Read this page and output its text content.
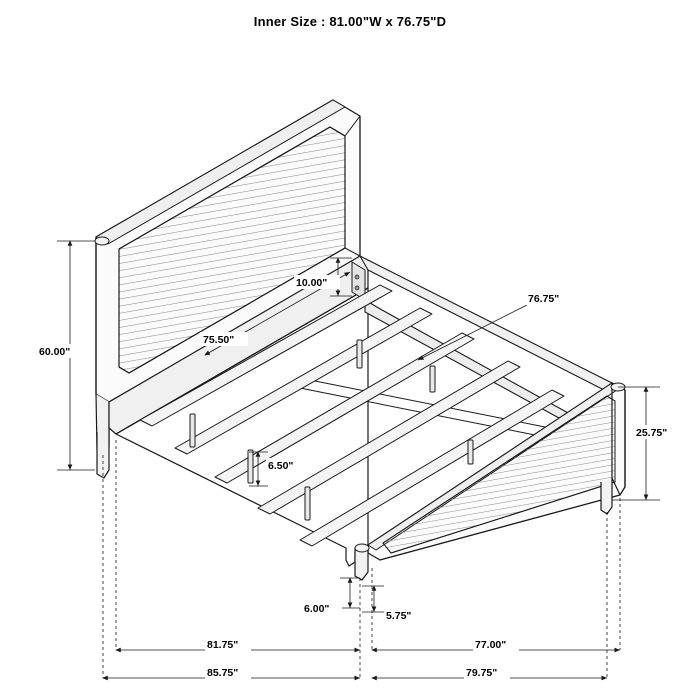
Inner Size : 81.00"W x 76.75"D
60.00"
25.75"
10.00"
75.50"
76.75"
6.50"
6.00"
5.75"
81.75"	77.00"
85.75"	79.75"
